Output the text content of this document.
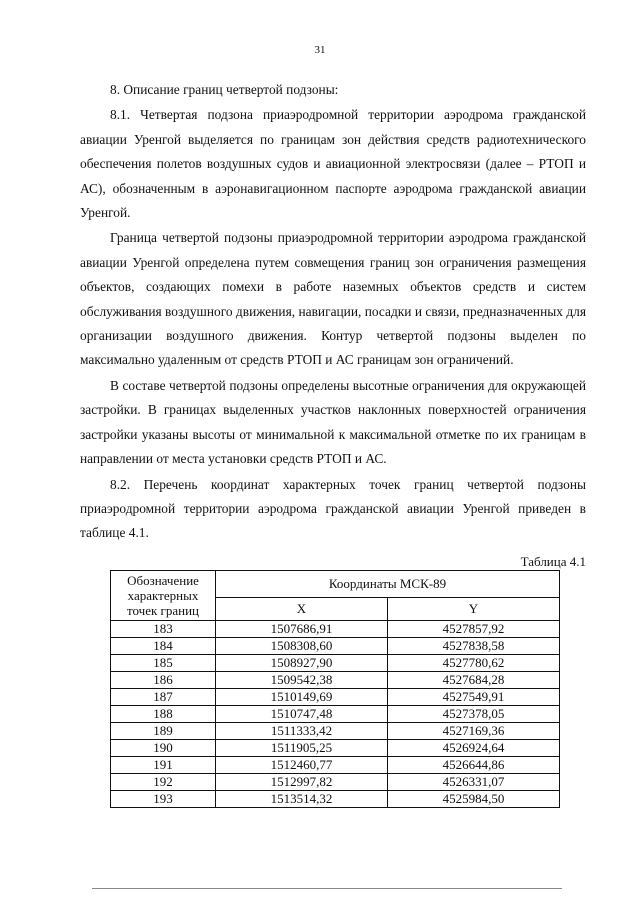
31

8. Описание границ четвертой подзоны:

8.1. Четвертая подзона приаэродромной территории аэродрома гражданской авиации Уренгой выделяется по границам зон действия средств радиотехнического обеспечения полетов воздушных судов и авиационной электросвязи (далее – РТОП и АС), обозначенным в аэронавигационном паспорте аэродрома гражданской авиации Уренгой.

Граница четвертой подзоны приаэродромной территории аэродрома гражданской авиации Уренгой определена путем совмещения границ зон ограничения размещения объектов, создающих помехи в работе наземных объектов средств и систем обслуживания воздушного движения, навигации, посадки и связи, предназначенных для организации воздушного движения. Контур четвертой подзоны выделен по максимально удаленным от средств РТОП и АС границам зон ограничений.

В составе четвертой подзоны определены высотные ограничения для окружающей застройки. В границах выделенных участков наклонных поверхностей ограничения застройки указаны высоты от минимальной к максимальной отметке по их границам в направлении от места установки средств РТОП и АС.

8.2. Перечень координат характерных точек границ четвертой подзоны приаэродромной территории аэродрома гражданской авиации Уренгой приведен в таблице 4.1.

Таблица 4.1
Обозначение характерных точек границ	Координаты МСК-89	
	X	Y
183	1507686,91	4527857,92
184	1508308,60	4527838,58
185	1508927,90	4527780,62
186	1509542,38	4527684,28
187	1510149,69	4527549,91
188	1510747,48	4527378,05
189	1511333,42	4527169,36
190	1511905,25	4526924,64
191	1512460,77	4526644,86
192	1512997,82	4526331,07
193	1513514,32	4525984,50
